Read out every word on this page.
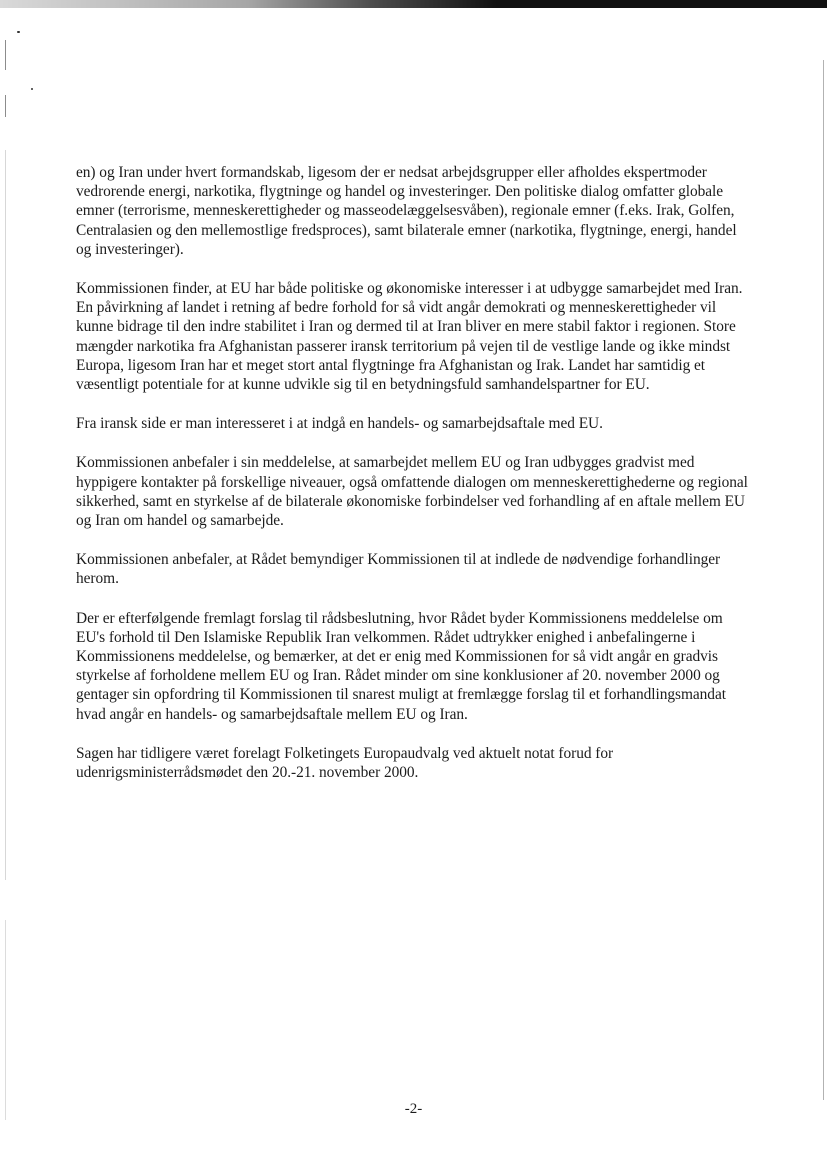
en) og Iran under hvert formandskab, ligesom der er nedsat arbejdsgrupper eller afholdes ekspertmoder vedrorende energi, narkotika, flygtninge og handel og investeringer. Den politiske dialog omfatter globale emner (terrorisme, menneskerettigheder og masseodelæggelsesvåben), regionale emner (f.eks. Irak, Golfen, Centralasien og den mellemostlige fredsproces), samt bilaterale emner (narkotika, flygtninge, energi, handel og investeringer).

Kommissionen finder, at EU har både politiske og økonomiske interesser i at udbygge samarbejdet med Iran. En påvirkning af landet i retning af bedre forhold for så vidt angår demokrati og menneskerettigheder vil kunne bidrage til den indre stabilitet i Iran og dermed til at Iran bliver en mere stabil faktor i regionen. Store mængder narkotika fra Afghanistan passerer iransk territorium på vejen til de vestlige lande og ikke mindst Europa, ligesom Iran har et meget stort antal flygtninge fra Afghanistan og Irak. Landet har samtidig et væsentligt potentiale for at kunne udvikle sig til en betydningsfuld samhandelspartner for EU.

Fra iransk side er man interesseret i at indgå en handels- og samarbejdsaftale med EU.

Kommissionen anbefaler i sin meddelelse, at samarbejdet mellem EU og Iran udbygges gradvist med hyppigere kontakter på forskellige niveauer, også omfattende dialogen om menneskerettighederne og regional sikkerhed, samt en styrkelse af de bilaterale økonomiske forbindelser ved forhandling af en aftale mellem EU og Iran om handel og samarbejde.

Kommissionen anbefaler, at Rådet bemyndiger Kommissionen til at indlede de nødvendige forhandlinger herom.

Der er efterfølgende fremlagt forslag til rådsbeslutning, hvor Rådet byder Kommissionens meddelelse om EU's forhold til Den Islamiske Republik Iran velkommen. Rådet udtrykker enighed i anbefalingerne i Kommissionens meddelelse, og bemærker, at det er enig med Kommissionen for så vidt angår en gradvis styrkelse af forholdene mellem EU og Iran. Rådet minder om sine konklusioner af 20. november 2000 og gentager sin opfordring til Kommissionen til snarest muligt at fremlægge forslag til et forhandlingsmandat hvad angår en handels- og samarbejdsaftale mellem EU og Iran.

Sagen har tidligere været forelagt Folketingets Europaudvalg ved aktuelt notat forud for udenrigsministerrådsmødet den 20.-21. november 2000.

-2-
